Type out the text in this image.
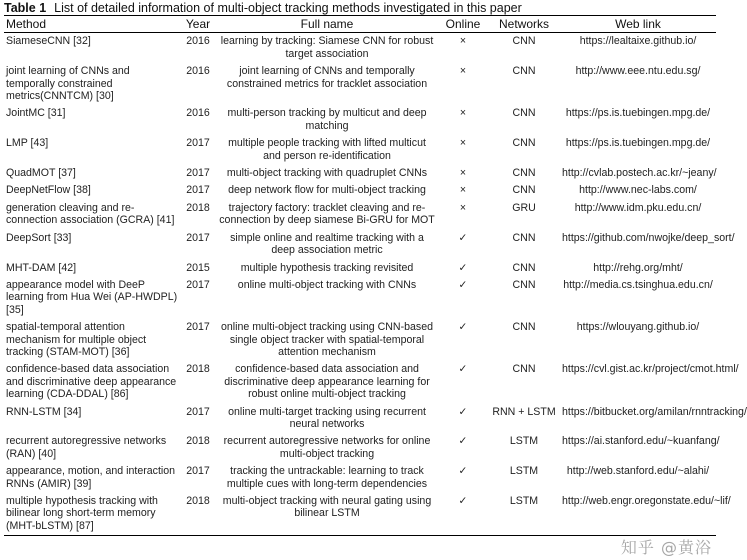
Table 1 List of detailed information of multi-object tracking methods investigated in this paper
Method	Year	Full name	Online	Networks	Web link
SiameseCNN [32]	2016	learning by tracking: Siamese CNN for robust target association	×	CNN	https://lealtaixe.github.io/
joint learning of CNNs and temporally constrained metrics(CNNTCM) [30]	2016	joint learning of CNNs and temporally constrained metrics for tracklet association	×	CNN	http://www.eee.ntu.edu.sg/
JointMC [31]	2016	multi-person tracking by multicut and deep matching	×	CNN	https://ps.is.tuebingen.mpg.de/
LMP [43]	2017	multiple people tracking with lifted multicut and person re-identification	×	CNN	https://ps.is.tuebingen.mpg.de/
QuadMOT [37]	2017	multi-object tracking with quadruplet CNNs	×	CNN	http://cvlab.postech.ac.kr/~jeany/
DeepNetFlow [38]	2017	deep network flow for multi-object tracking	×	CNN	http://www.nec-labs.com/
generation cleaving and re-connection association (GCRA) [41]	2018	trajectory factory: tracklet cleaving and re-connection by deep siamese Bi-GRU for MOT	×	GRU	http://www.idm.pku.edu.cn/
DeepSort [33]	2017	simple online and realtime tracking with a deep association metric	✓	CNN	https://github.com/nwojke/deep_sort/
MHT-DAM [42]	2015	multiple hypothesis tracking revisited	✓	CNN	http://rehg.org/mht/
appearance model with DeeP learning from Hua Wei (AP-HWDPL) [35]	2017	online multi-object tracking with CNNs	✓	CNN	http://media.cs.tsinghua.edu.cn/
spatial-temporal attention mechanism for multiple object tracking (STAM-MOT) [36]	2017	online multi-object tracking using CNN-based single object tracker with spatial-temporal attention mechanism	✓	CNN	https://wlouyang.github.io/
confidence-based data association and discriminative deep appearance learning (CDA-DDAL) [86]	2018	confidence-based data association and discriminative deep appearance learning for robust online multi-object tracking	✓	CNN	https://cvl.gist.ac.kr/project/cmot.html/
RNN-LSTM [34]	2017	online multi-target tracking using recurrent neural networks	✓	RNN + LSTM	https://bitbucket.org/amilan/rnntracking/
recurrent autoregressive networks (RAN) [40]	2018	recurrent autoregressive networks for online multi-object tracking	✓	LSTM	https://ai.stanford.edu/~kuanfang/
appearance, motion, and interaction RNNs (AMIR) [39]	2017	tracking the untrackable: learning to track multiple cues with long-term dependencies	✓	LSTM	http://web.stanford.edu/~alahi/
multiple hypothesis tracking with bilinear long short-term memory (MHT-bLSTM) [87]	2018	multi-object tracking with neural gating using bilinear LSTM	✓	LSTM	http://web.engr.oregonstate.edu/~lif/
知乎 @黄浴
